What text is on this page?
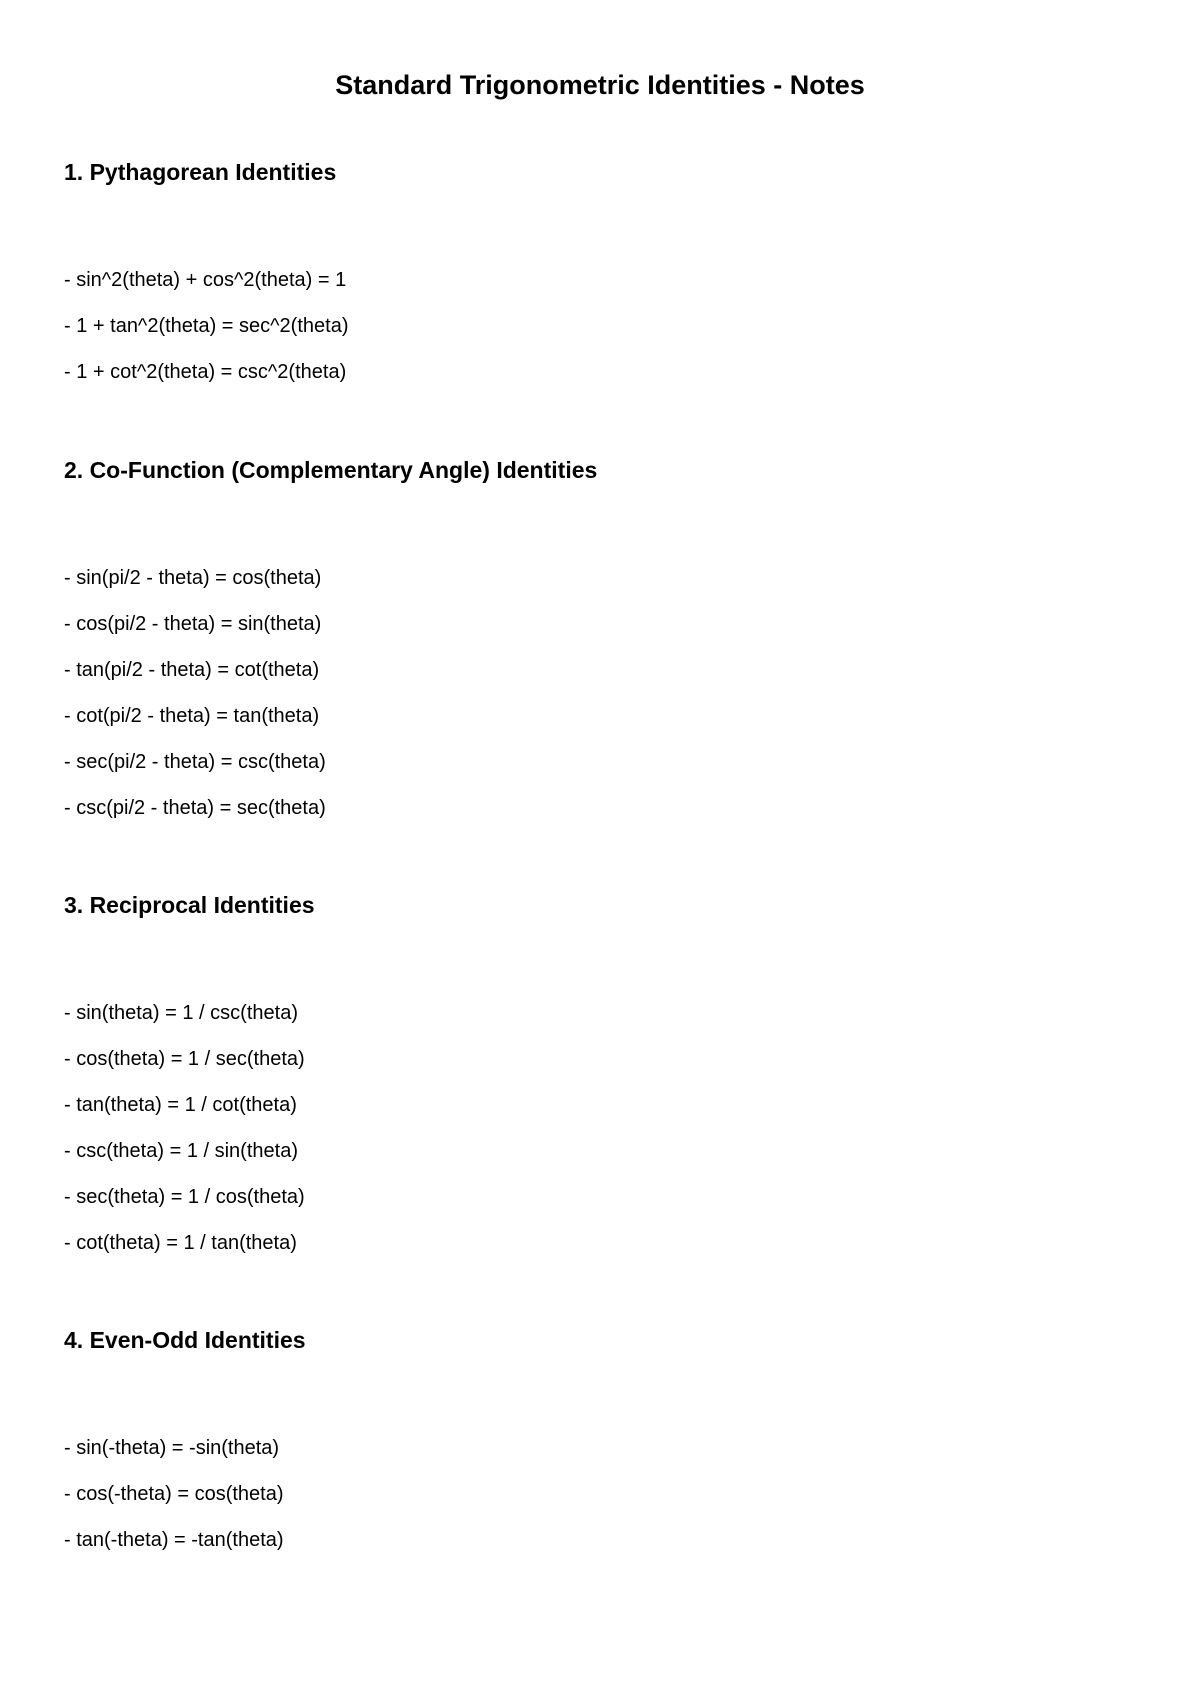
Standard Trigonometric Identities - Notes
1. Pythagorean Identities
- sin^2(theta) + cos^2(theta) = 1
- 1 + tan^2(theta) = sec^2(theta)
- 1 + cot^2(theta) = csc^2(theta)
2. Co-Function (Complementary Angle) Identities
- sin(pi/2 - theta) = cos(theta)
- cos(pi/2 - theta) = sin(theta)
- tan(pi/2 - theta) = cot(theta)
- cot(pi/2 - theta) = tan(theta)
- sec(pi/2 - theta) = csc(theta)
- csc(pi/2 - theta) = sec(theta)
3. Reciprocal Identities
- sin(theta) = 1 / csc(theta)
- cos(theta) = 1 / sec(theta)
- tan(theta) = 1 / cot(theta)
- csc(theta) = 1 / sin(theta)
- sec(theta) = 1 / cos(theta)
- cot(theta) = 1 / tan(theta)
4. Even-Odd Identities
- sin(-theta) = -sin(theta)
- cos(-theta) = cos(theta)
- tan(-theta) = -tan(theta)
